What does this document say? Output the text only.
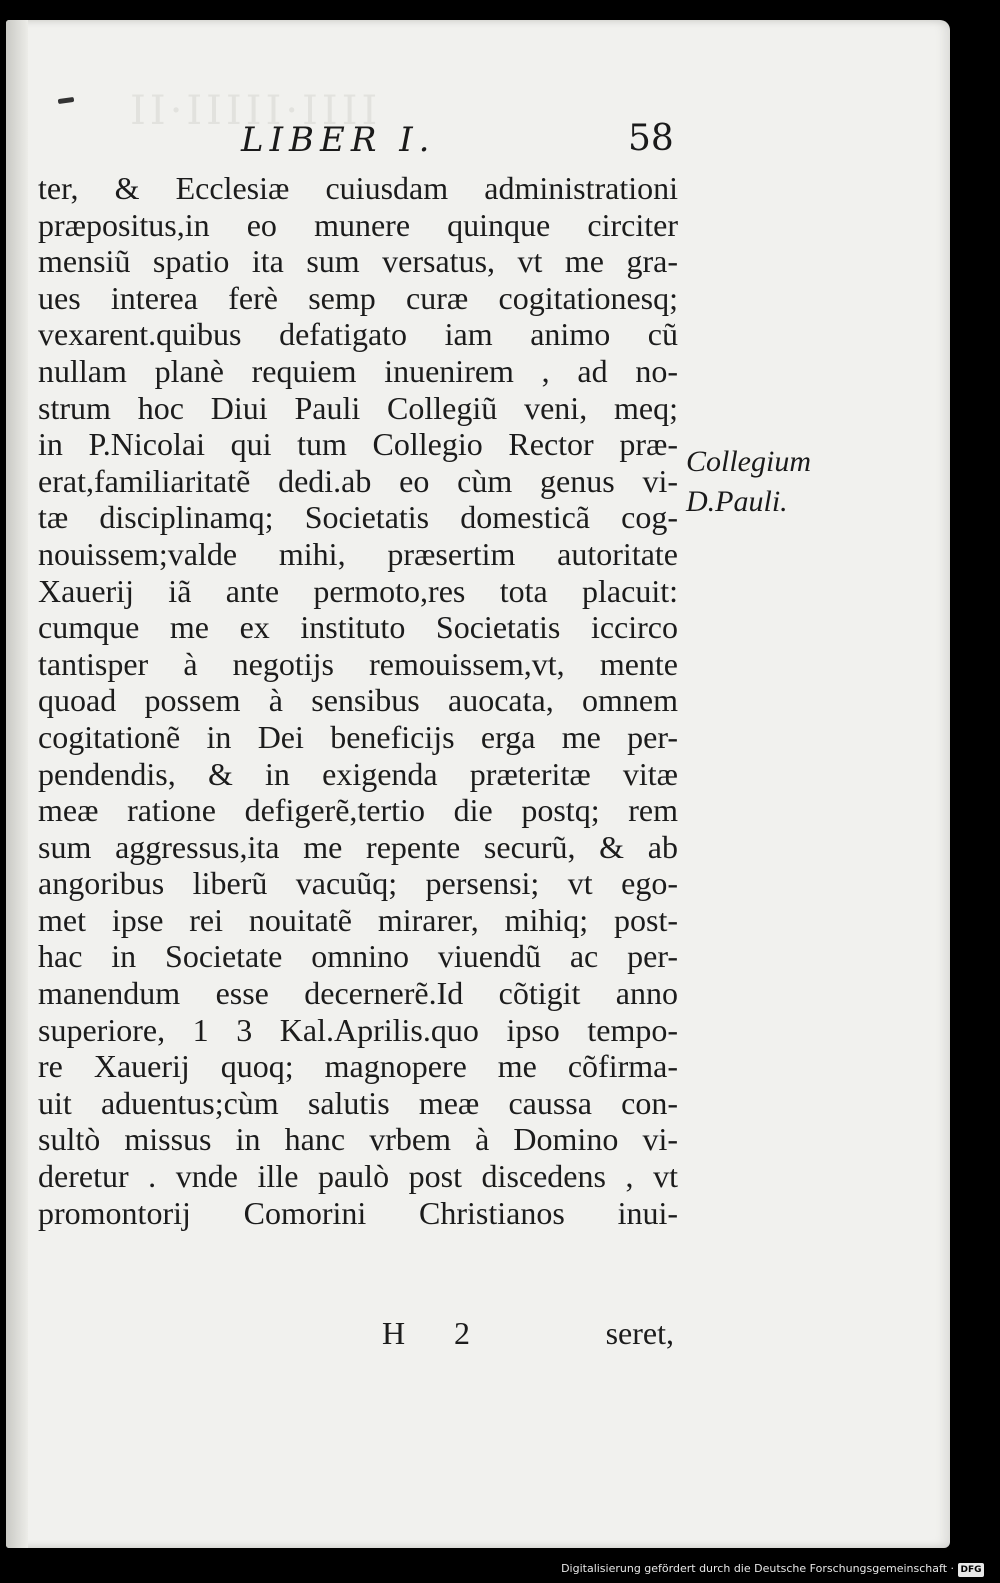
IIII·IIIII·II
LIBER I.	58
ter, & Ecclesiæ cuiusdam administrationi
præpositus,in eo munere quinque circiter
mensiũ spatio ita sum versatus, vt me gra-
ues interea ferè semp curæ cogitationesq;
vexarent.quibus defatigato iam animo cũ
nullam planè requiem inuenirem , ad no-
strum hoc Diui Pauli Collegiũ veni, meq;
in P.Nicolai qui tum Collegio Rector præ-
erat,familiaritatẽ dedi.ab eo cùm genus vi-
tæ disciplinamq; Societatis domesticã cog-
nouissem;valde mihi, præsertim autoritate
Xauerij iã ante permoto,res tota placuit:
cumque me ex instituto Societatis iccirco
tantisper à negotijs remouissem,vt, mente
quoad possem à sensibus auocata, omnem
cogitationẽ in Dei beneficijs erga me per-
pendendis, & in exigenda præteritæ vitæ
meæ ratione defigerẽ,tertio die postq; rem
sum aggressus,ita me repente securũ, & ab
angoribus liberũ vacuũq; persensi; vt ego-
met ipse rei nouitatẽ mirarer, mihiq; post-
hac in Societate omnino viuendũ ac per-
manendum esse decernerẽ.Id cõtigit anno
superiore, 1 3 Kal.Aprilis.quo ipso tempo-
re Xauerij quoq; magnopere me cõfirma-
uit aduentus;cùm salutis meæ caussa con-
sultò missus in hanc vrbem à Domino vi-
deretur . vnde ille paulò post discedens , vt
promontorij Comorini Christianos inui-
Collegium
D.Pauli.
H 2	seret,
Digitalisierung gefördert durch die Deutsche Forschungsgemeinschaft · DFG
